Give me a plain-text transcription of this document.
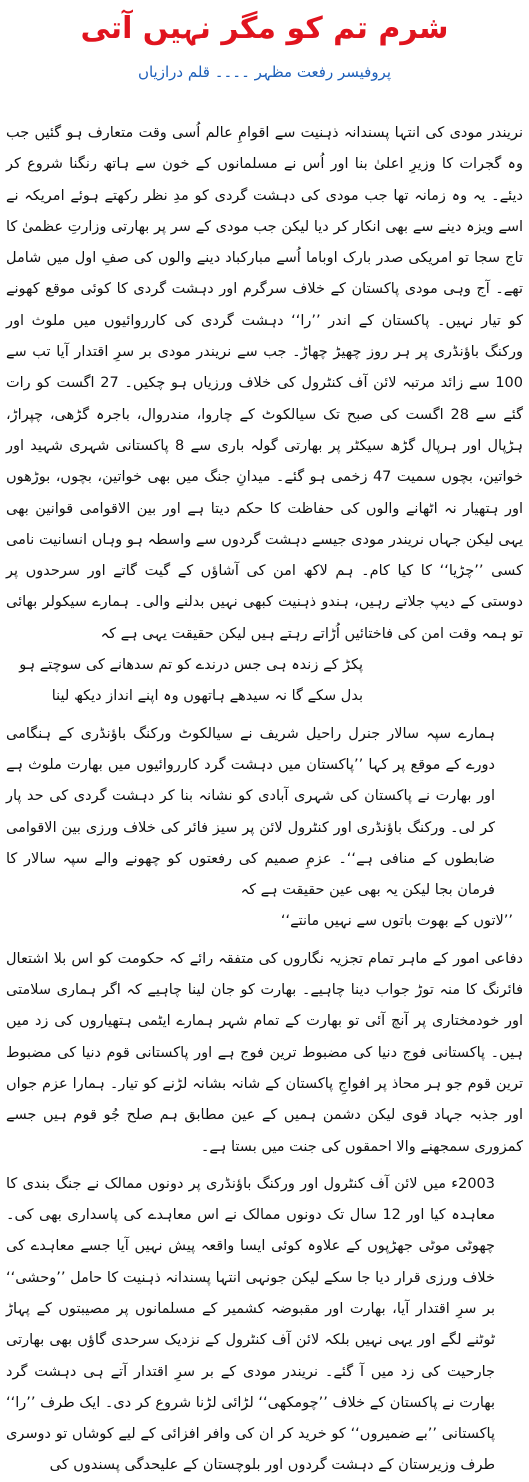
شرم تم کو مگر نہیں آتی
پروفیسر رفعت مظہر ۔۔۔۔ قلم درازیاں

نریندر مودی کی انتہا پسندانہ ذہنیت سے اقوامِ عالم اُسی وقت متعارف ہو گئیں جب وہ گجرات کا وزیرِ اعلیٰ بنا اور اُس نے مسلمانوں کے خون سے ہاتھ رنگنا شروع کر دیئے۔ یہ وہ زمانہ تھا جب مودی کی دہشت گردی کو مدِ نظر رکھتے ہوئے امریکہ نے اسے ویزہ دینے سے بھی انکار کر دیا لیکن جب مودی کے سر پر بھارتی وزارتِ عظمیٰ کا تاج سجا تو امریکی صدر بارک اوباما اُسے مبارکباد دینے والوں کی صفِ اول میں شامل تھے۔ آج وہی مودی پاکستان کے خلاف سرگرم اور دہشت گردی کا کوئی موقع کھونے کو تیار نہیں۔ پاکستان کے اندر ’’را‘‘ دہشت گردی کی کارروائیوں میں ملوث اور ورکنگ باؤنڈری پر ہر روز چھیڑ چھاڑ۔ جب سے نریندر مودی بر سرِ اقتدار آیا تب سے 100 سے زائد مرتبہ لائن آف کنٹرول کی خلاف ورزیاں ہو چکیں۔ 27 اگست کو رات گئے سے 28 اگست کی صبح تک سیالکوٹ کے چاروا، مندروال، باجرہ گڑھی، چپراڑ، ہڑپال اور ہرپال گڑھ سیکٹر پر بھارتی گولہ باری سے 8 پاکستانی شہری شہید اور خواتین، بچوں سمیت 47 زخمی ہو گئے۔ میدانِ جنگ میں بھی خواتین، بچوں، بوڑھوں اور ہتھیار نہ اٹھانے والوں کی حفاظت کا حکم دیتا ہے اور بین الاقوامی قوانین بھی یہی لیکن جہاں نریندر مودی جیسے دہشت گردوں سے واسطہ ہو وہاں انسانیت نامی کسی ’’چڑیا‘‘ کا کیا کام۔ ہم لاکھ امن کی آشاؤں کے گیت گاتے اور سرحدوں پر دوستی کے دیپ جلاتے رہیں، ہندو ذہنیت کبھی نہیں بدلنے والی۔ ہمارے سیکولر بھائی تو ہمہ وقت امن کی فاختائیں اُڑاتے رہتے ہیں لیکن حقیقت یہی ہے کہ

پکڑ کے زندہ ہی جس درندے کو تم سدھانے کی سوچتے ہو
بدل سکے گا نہ سیدھے ہاتھوں وہ اپنے انداز دیکھ لینا

ہمارے سپہ سالار جنرل راحیل شریف نے سیالکوٹ ورکنگ باؤنڈری کے ہنگامی دورے کے موقع پر کہا ’’پاکستان میں دہشت گرد کارروائیوں میں بھارت ملوث ہے اور بھارت نے پاکستان کی شہری آبادی کو نشانہ بنا کر دہشت گردی کی حد پار کر لی۔ ورکنگ باؤنڈری اور کنٹرول لائن پر سیز فائر کی خلاف ورزی بین الاقوامی ضابطوں کے منافی ہے‘‘۔ عزمِ صمیم کی رفعتوں کو چھونے والے سپہ سالار کا فرمان بجا لیکن یہ بھی عین حقیقت ہے کہ

’’لاتوں کے بھوت باتوں سے نہیں مانتے‘‘

دفاعی امور کے ماہر تمام تجزیہ نگاروں کی متفقہ رائے کہ حکومت کو اس بلا اشتعال فائرنگ کا منہ توڑ جواب دینا چاہیے۔ بھارت کو جان لینا چاہیے کہ اگر ہماری سلامتی اور خودمختاری پر آنچ آئی تو بھارت کے تمام شہر ہمارے ایٹمی ہتھیاروں کی زد میں ہیں۔ پاکستانی فوج دنیا کی مضبوط ترین فوج ہے اور پاکستانی قوم دنیا کی مضبوط ترین قوم جو ہر محاذ پر افواجِ پاکستان کے شانہ بشانہ لڑنے کو تیار۔ ہمارا عزم جواں اور جذبہ جہاد قوی لیکن دشمن ہمیں کے عین مطابق ہم صلح جُو قوم ہیں جسے کمزوری سمجھنے والا احمقوں کی جنت میں بستا ہے۔

2003ء میں لائن آف کنٹرول اور ورکنگ باؤنڈری پر دونوں ممالک نے جنگ بندی کا معاہدہ کیا اور 12 سال تک دونوں ممالک نے اس معاہدے کی پاسداری بھی کی۔ چھوٹی موٹی جھڑپوں کے علاوہ کوئی ایسا واقعہ پیش نہیں آیا جسے معاہدے کی خلاف ورزی قرار دیا جا سکے لیکن جونہی انتہا پسندانہ ذہنیت کا حامل ’’وحشی‘‘ بر سرِ اقتدار آیا، بھارت اور مقبوضہ کشمیر کے مسلمانوں پر مصیبتوں کے پہاڑ ٹوٹنے لگے اور یہی نہیں بلکہ لائن آف کنٹرول کے نزدیک سرحدی گاؤں بھی بھارتی جارحیت کی زد میں آ گئے۔ نریندر مودی کے بر سرِ اقتدار آتے ہی دہشت گرد بھارت نے پاکستان کے خلاف ’’چومکھی‘‘ لڑائی لڑنا شروع کر دی۔ ایک طرف ’’را‘‘ پاکستانی ’’بے ضمیروں‘‘ کو خرید کر ان کی وافر افزائی کے لیے کوشاں تو دوسری طرف وزیرستان کے دہشت گردوں اور بلوچستان کے علیحدگی پسندوں کی
